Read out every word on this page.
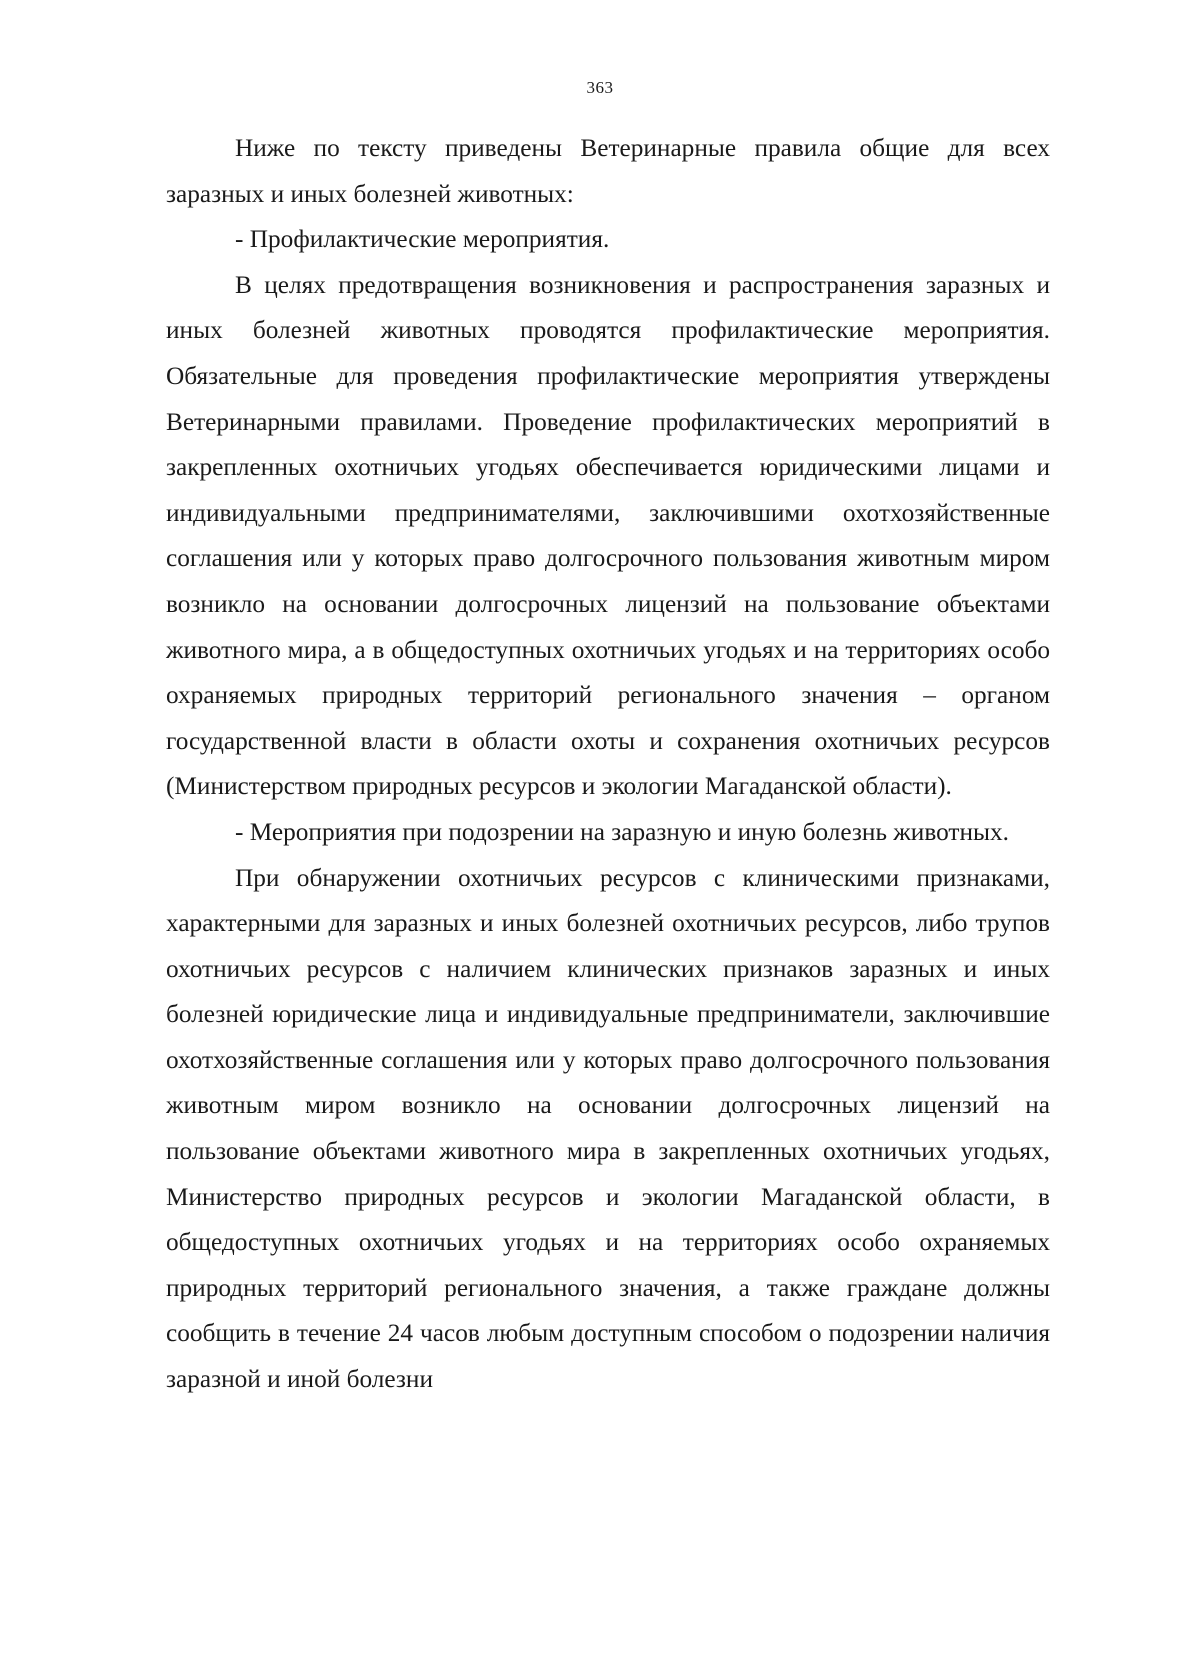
363

Ниже по тексту приведены Ветеринарные правила общие для всех заразных и иных болезней животных:

- Профилактические мероприятия.

В целях предотвращения возникновения и распространения заразных и иных болезней животных проводятся профилактические мероприятия. Обязательные для проведения профилактические мероприятия утверждены Ветеринарными правилами. Проведение профилактических мероприятий в закрепленных охотничьих угодьях обеспечивается юридическими лицами и индивидуальными предпринимателями, заключившими охотхозяйственные соглашения или у которых право долгосрочного пользования животным миром возникло на основании долгосрочных лицензий на пользование объектами животного мира, а в общедоступных охотничьих угодьях и на территориях особо охраняемых природных территорий регионального значения – органом государственной власти в области охоты и сохранения охотничьих ресурсов (Министерством природных ресурсов и экологии Магаданской области).

- Мероприятия при подозрении на заразную и иную болезнь животных.

При обнаружении охотничьих ресурсов с клиническими признаками, характерными для заразных и иных болезней охотничьих ресурсов, либо трупов охотничьих ресурсов с наличием клинических признаков заразных и иных болезней юридические лица и индивидуальные предприниматели, заключившие охотхозяйственные соглашения или у которых право долгосрочного пользования животным миром возникло на основании долгосрочных лицензий на пользование объектами животного мира в закрепленных охотничьих угодьях, Министерство природных ресурсов и экологии Магаданской области, в общедоступных охотничьих угодьях и на территориях особо охраняемых природных территорий регионального значения, а также граждане должны сообщить в течение 24 часов любым доступным способом о подозрении наличия заразной и иной болезни
